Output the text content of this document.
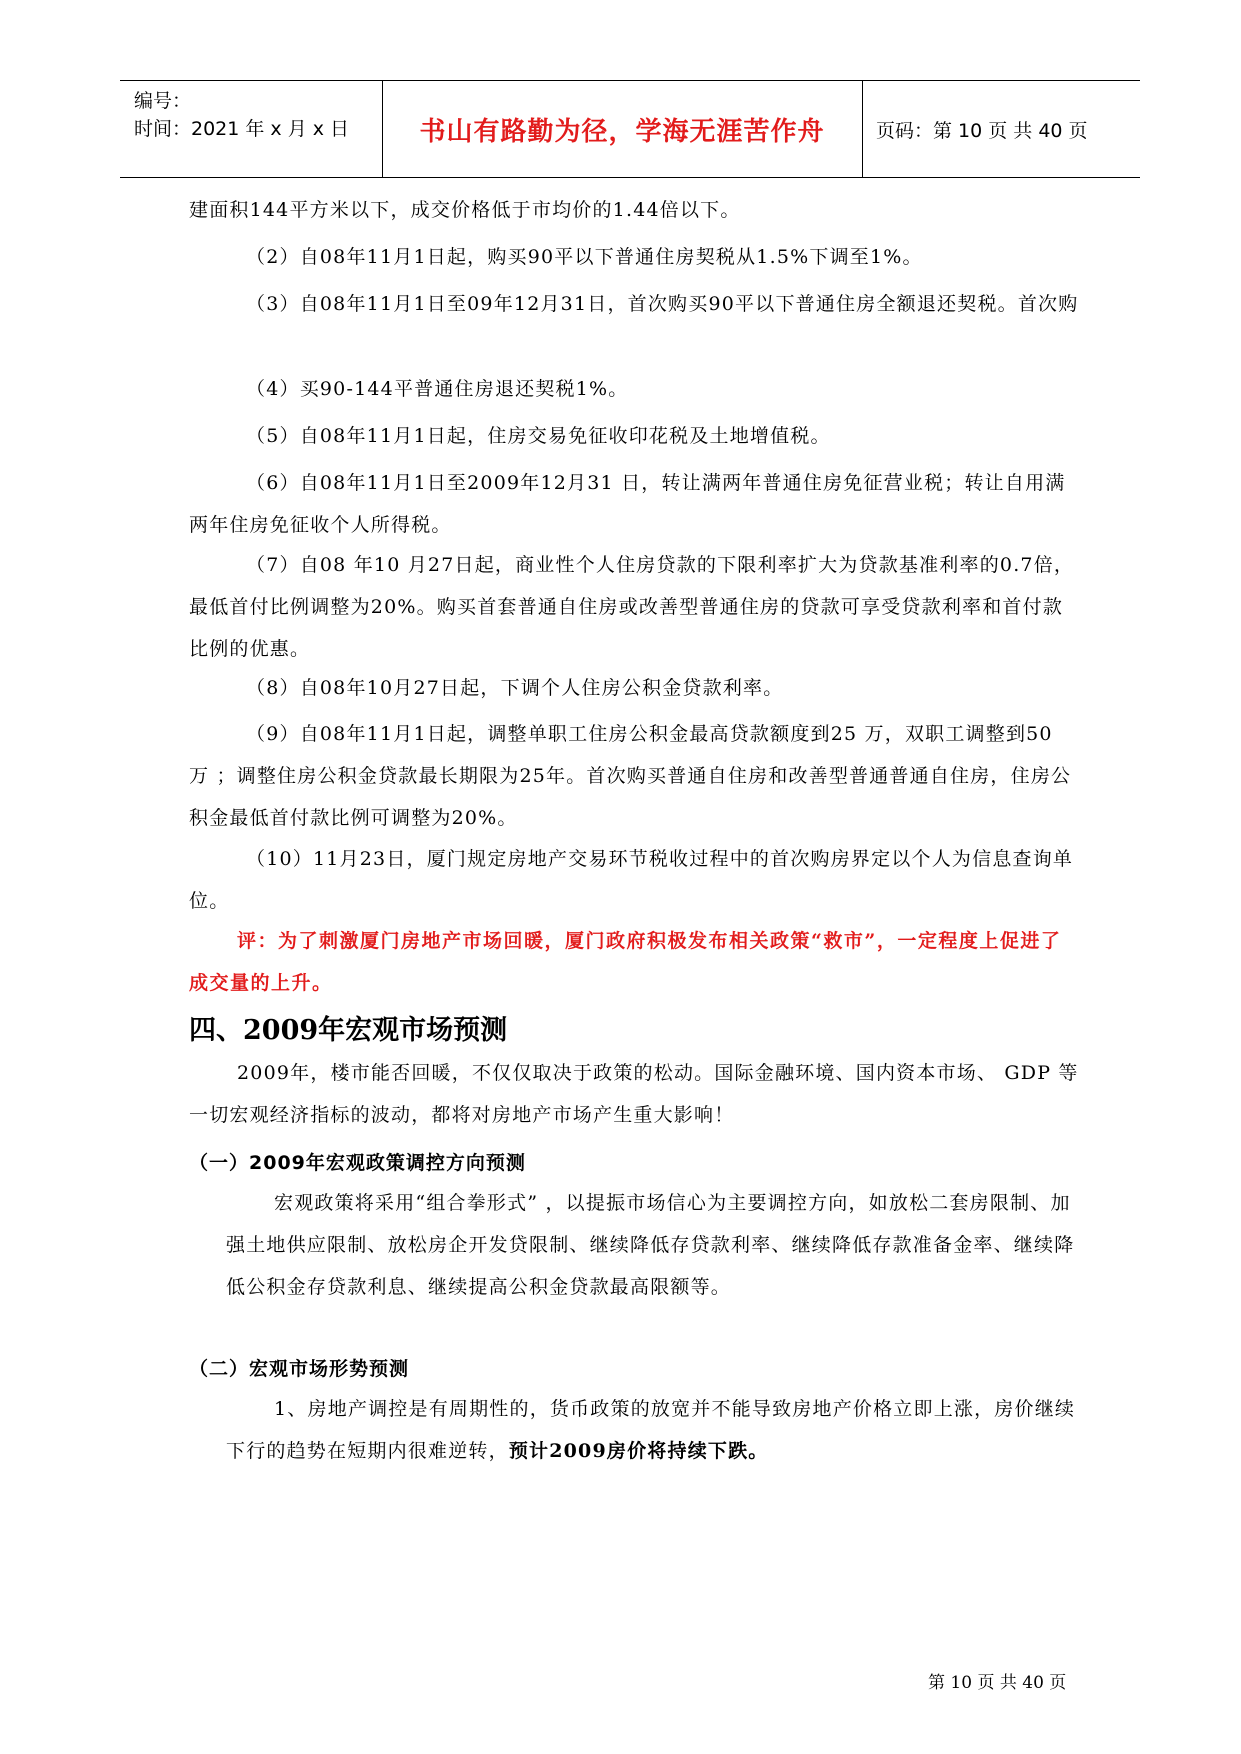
编号：
时间：2021 年 x 月 x 日	书山有路勤为径，学海无涯苦作舟	页码：第 10 页 共 40 页

建面积144平方米以下，成交价格低于市均价的1.44倍以下。

（2）自08年11月1日起，购买90平以下普通住房契税从1.5%下调至1%。

（3）自08年11月1日至09年12月31日，首次购买90平以下普通住房全额退还契税。首次购

（4）买90-144平普通住房退还契税1%。

（5）自08年11月1日起，住房交易免征收印花税及土地增值税。

（6）自08年11月1日至2009年12月31 日，转让满两年普通住房免征营业税；转让自用满两年住房免征收个人所得税。

（7）自08 年10 月27日起，商业性个人住房贷款的下限利率扩大为贷款基准利率的0.7倍，最低首付比例调整为20%。购买首套普通自住房或改善型普通住房的贷款可享受贷款利率和首付款比例的优惠。

（8）自08年10月27日起，下调个人住房公积金贷款利率。

（9）自08年11月1日起，调整单职工住房公积金最高贷款额度到25 万，双职工调整到50 万 ；调整住房公积金贷款最长期限为25年。首次购买普通自住房和改善型普通普通自住房，住房公积金最低首付款比例可调整为20%。

（10）11月23日，厦门规定房地产交易环节税收过程中的首次购房界定以个人为信息查询单位。

评：为了刺激厦门房地产市场回暖，厦门政府积极发布相关政策“救市”，一定程度上促进了成交量的上升。

四、2009年宏观市场预测

2009年，楼市能否回暖，不仅仅取决于政策的松动。国际金融环境、国内资本市场、 GDP 等一切宏观经济指标的波动，都将对房地产市场产生重大影响！

（一）2009年宏观政策调控方向预测

宏观政策将采用“组合拳形式” ，以提振市场信心为主要调控方向，如放松二套房限制、加强土地供应限制、放松房企开发贷限制、继续降低存贷款利率、继续降低存款准备金率、继续降低公积金存贷款利息、继续提高公积金贷款最高限额等。

（二）宏观市场形势预测

1、房地产调控是有周期性的，货币政策的放宽并不能导致房地产价格立即上涨，房价继续下行的趋势在短期内很难逆转，预计2009房价将持续下跌。

第 10 页 共 40 页
